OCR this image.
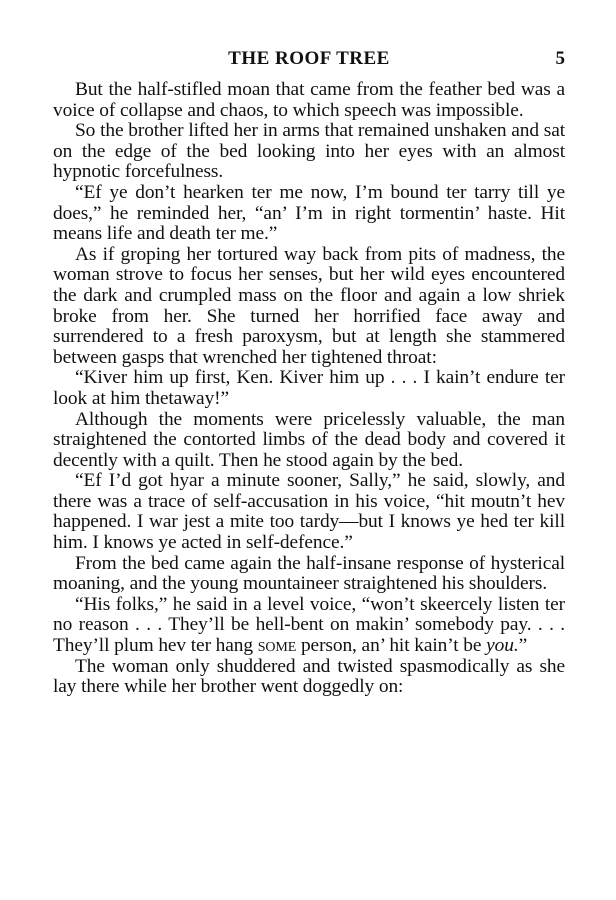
THE ROOF TREE	5

But the half-stifled moan that came from the feather bed was a voice of collapse and chaos, to which speech was impossible.

So the brother lifted her in arms that remained unshaken and sat on the edge of the bed looking into her eyes with an almost hypnotic forcefulness.

“Ef ye don’t hearken ter me now, I’m bound ter tarry till ye does,” he reminded her, “an’ I’m in right tormentin’ haste. Hit means life and death ter me.”

As if groping her tortured way back from pits of madness, the woman strove to focus her senses, but her wild eyes encountered the dark and crumpled mass on the floor and again a low shriek broke from her. She turned her horrified face away and surrendered to a fresh paroxysm, but at length she stammered between gasps that wrenched her tightened throat:

“Kiver him up first, Ken. Kiver him up . . . I kain’t endure ter look at him thetaway!”

Although the moments were pricelessly valuable, the man straightened the contorted limbs of the dead body and covered it decently with a quilt. Then he stood again by the bed.

“Ef I’d got hyar a minute sooner, Sally,” he said, slowly, and there was a trace of self-accusation in his voice, “hit moutn’t hev happened. I war jest a mite too tardy—but I knows ye hed ter kill him. I knows ye acted in self-defence.”

From the bed came again the half-insane response of hysterical moaning, and the young mountaineer straightened his shoulders.

“His folks,” he said in a level voice, “won’t skeercely listen ter no reason . . . They’ll be hell-bent on makin’ somebody pay. . . . They’ll plum hev ter hang some person, an’ hit kain’t be you.”

The woman only shuddered and twisted spasmodically as she lay there while her brother went doggedly on:
